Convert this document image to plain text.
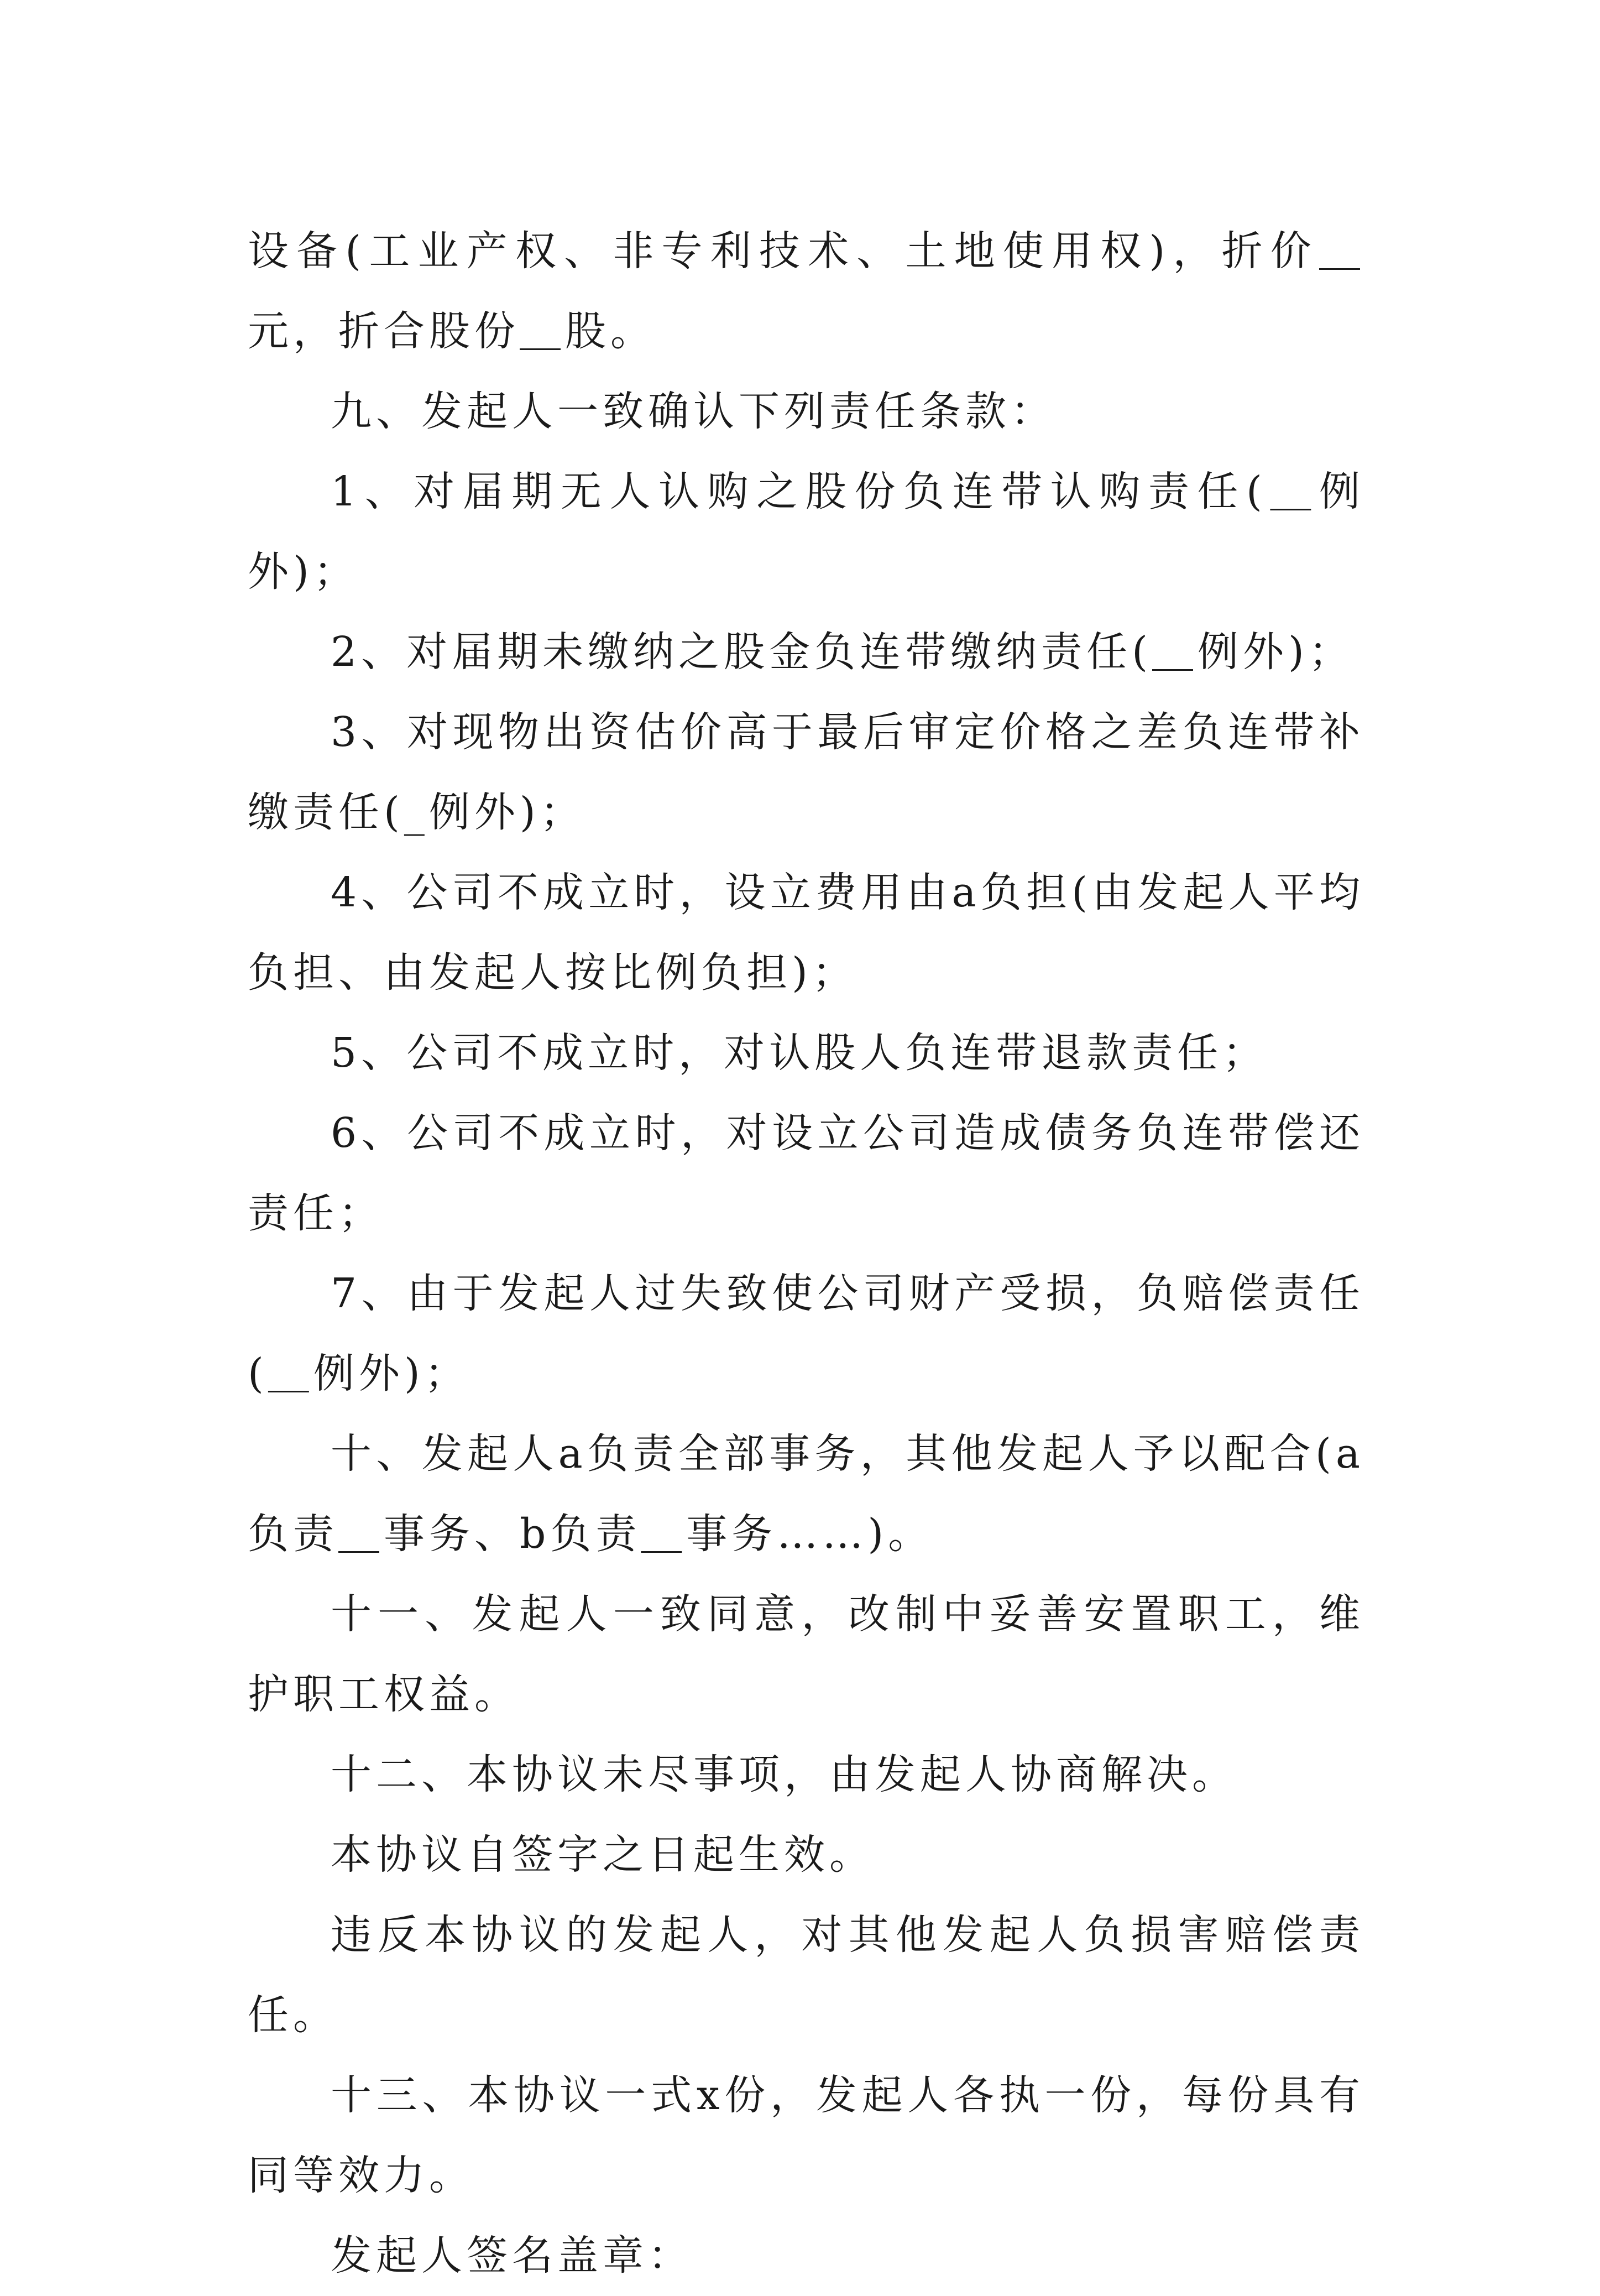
设备(工业产权、非专利技术、土地使用权)，折价＿元，折合股份＿股。

九、发起人一致确认下列责任条款：

1、对届期无人认购之股份负连带认购责任(＿例外)；

2、对届期未缴纳之股金负连带缴纳责任(＿例外)；

3、对现物出资估价高于最后审定价格之差负连带补缴责任(_例外)；

4、公司不成立时，设立费用由a负担(由发起人平均负担、由发起人按比例负担)；

5、公司不成立时，对认股人负连带退款责任；

6、公司不成立时，对设立公司造成债务负连带偿还责任；

7、由于发起人过失致使公司财产受损，负赔偿责任(＿例外)；

十、发起人a负责全部事务，其他发起人予以配合(a负责＿事务、b负责＿事务……)。

十一、发起人一致同意，改制中妥善安置职工，维护职工权益。

十二、本协议未尽事项，由发起人协商解决。

本协议自签字之日起生效。

违反本协议的发起人，对其他发起人负损害赔偿责任。

十三、本协议一式x份，发起人各执一份，每份具有同等效力。

发起人签名盖章：
